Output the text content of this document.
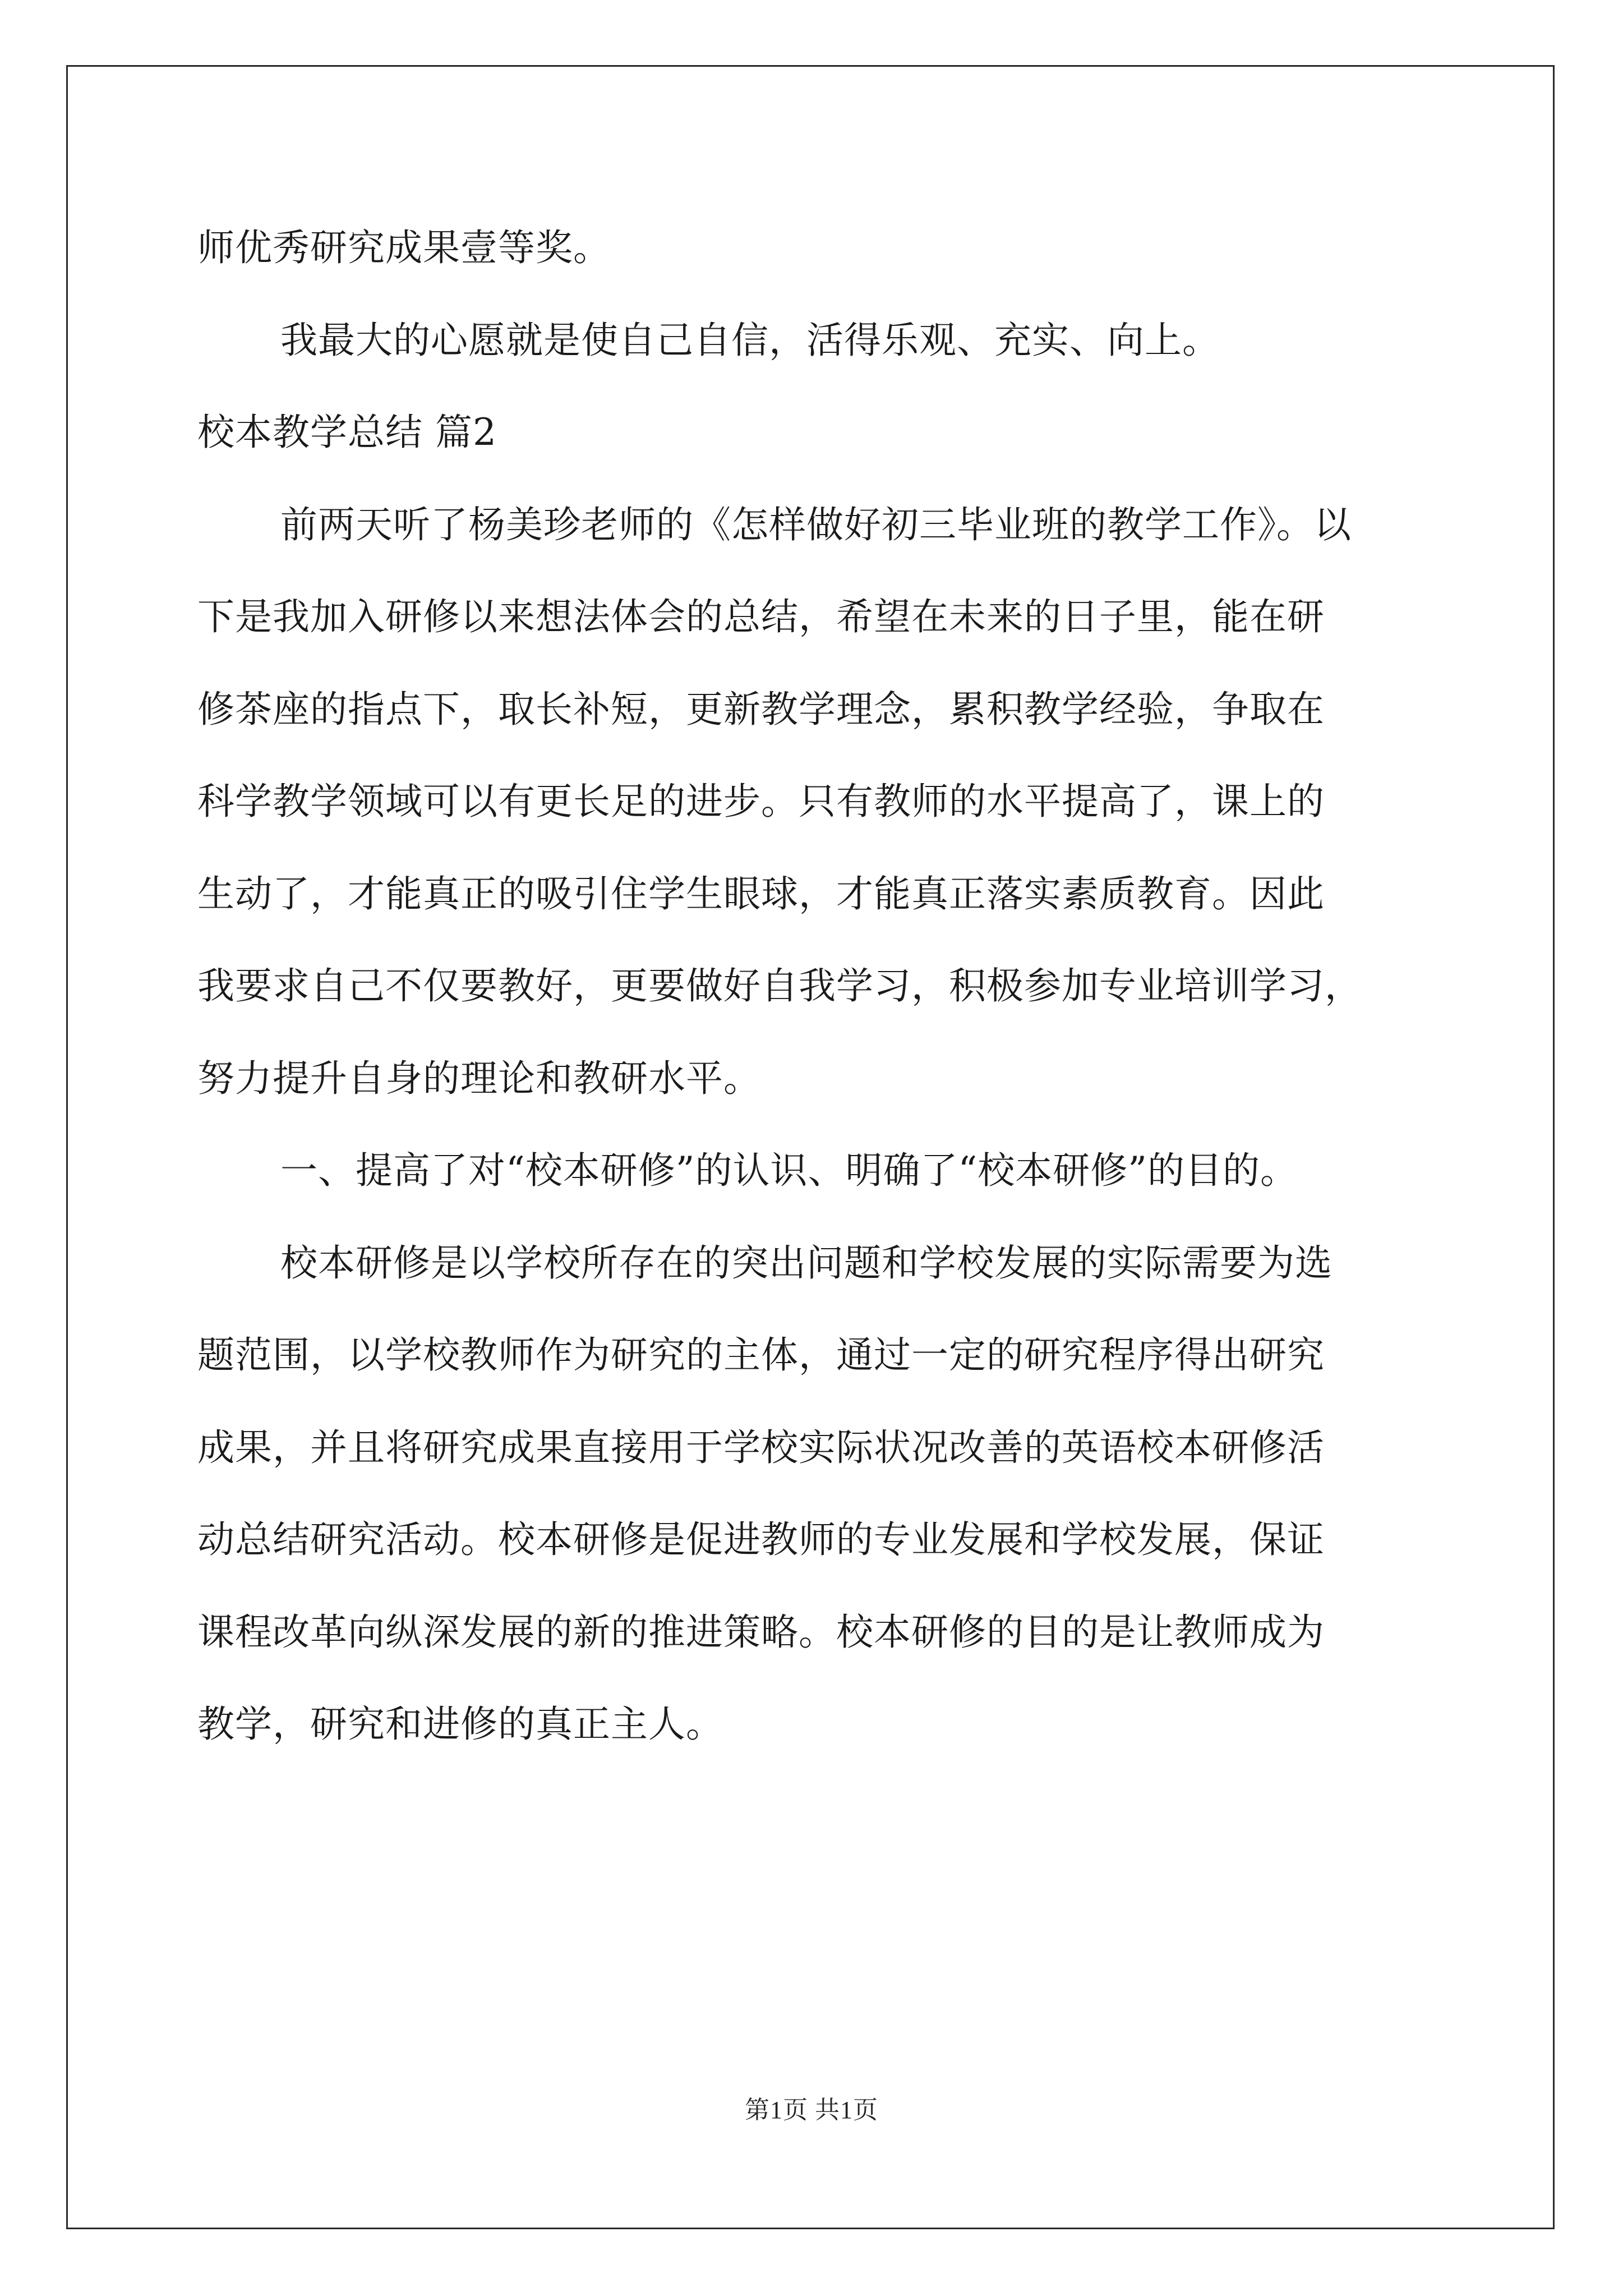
师优秀研究成果壹等奖。

我最大的心愿就是使自己自信，活得乐观、充实、向上。

校本教学总结 篇2

前两天听了杨美珍老师的《怎样做好初三毕业班的教学工作》。以

下是我加入研修以来想法体会的总结，希望在未来的日子里，能在研

修茶座的指点下，取长补短，更新教学理念，累积教学经验，争取在

科学教学领域可以有更长足的进步。只有教师的水平提高了，课上的

生动了，才能真正的吸引住学生眼球，才能真正落实素质教育。因此

我要求自己不仅要教好，更要做好自我学习，积极参加专业培训学习，

努力提升自身的理论和教研水平。

一、提高了对“校本研修”的认识、明确了“校本研修”的目的。

校本研修是以学校所存在的突出问题和学校发展的实际需要为选

题范围，以学校教师作为研究的主体，通过一定的研究程序得出研究

成果，并且将研究成果直接用于学校实际状况改善的英语校本研修活

动总结研究活动。校本研修是促进教师的专业发展和学校发展，保证

课程改革向纵深发展的新的推进策略。校本研修的目的是让教师成为

教学，研究和进修的真正主人。

第1页 共1页
